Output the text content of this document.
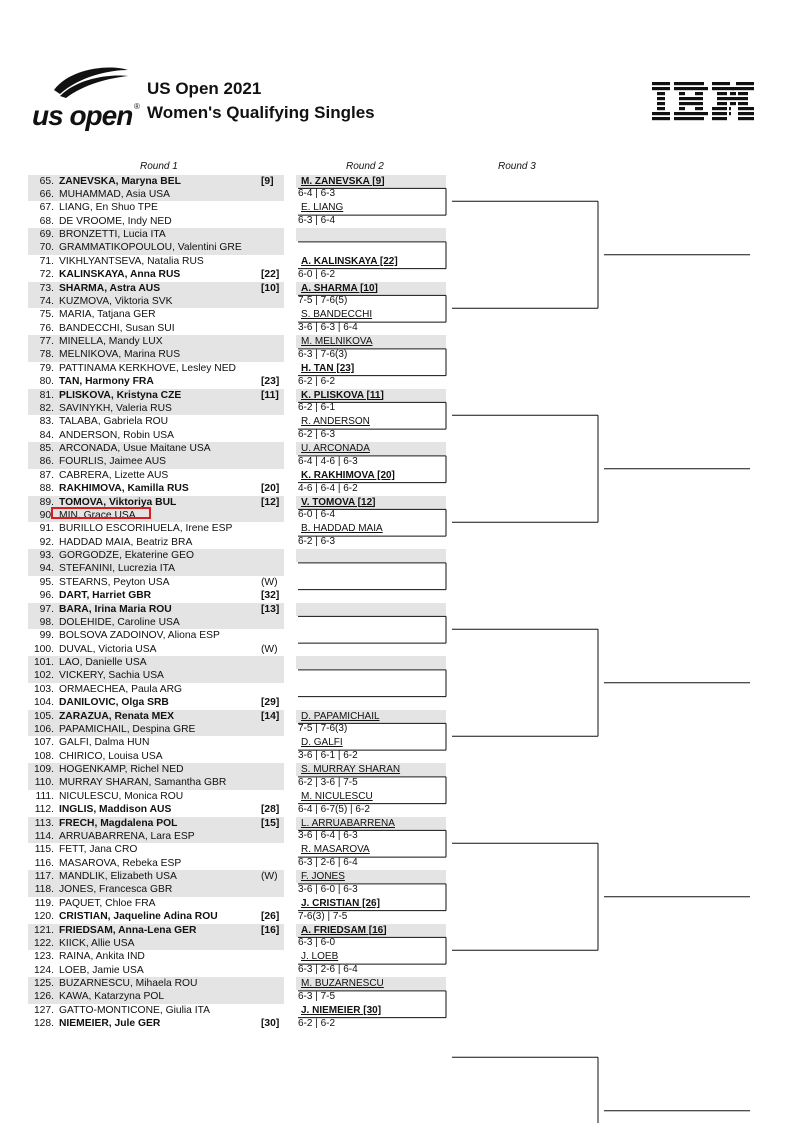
us open ®
US Open 2021
Women's Qualifying Singles
Round 1	Round 2	Round 3
65. ZANEVSKA, Maryna BEL	[9]
66. MUHAMMAD, Asia USA
67. LIANG, En Shuo TPE
68. DE VROOME, Indy NED
69. BRONZETTI, Lucia ITA
70. GRAMMATIKOPOULOU, Valentini GRE
71. VIKHLYANTSEVA, Natalia RUS
72. KALINSKAYA, Anna RUS	[22]
73. SHARMA, Astra AUS	[10]
74. KUZMOVA, Viktoria SVK
75. MARIA, Tatjana GER
76. BANDECCHI, Susan SUI
77. MINELLA, Mandy LUX
78. MELNIKOVA, Marina RUS
79. PATTINAMA KERKHOVE, Lesley NED
80. TAN, Harmony FRA	[23]
81. PLISKOVA, Kristyna CZE	[11]
82. SAVINYKH, Valeria RUS
83. TALABA, Gabriela ROU
84. ANDERSON, Robin USA
85. ARCONADA, Usue Maitane USA
86. FOURLIS, Jaimee AUS
87. CABRERA, Lizette AUS
88. RAKHIMOVA, Kamilla RUS	[20]
89. TOMOVA, Viktoriya BUL	[12]
90. MIN, Grace USA
91. BURILLO ESCORIHUELA, Irene ESP
92. HADDAD MAIA, Beatriz BRA
93. GORGODZE, Ekaterine GEO
94. STEFANINI, Lucrezia ITA
95. STEARNS, Peyton USA	(W)
96. DART, Harriet GBR	[32]
97. BARA, Irina Maria ROU	[13]
98. DOLEHIDE, Caroline USA
99. BOLSOVA ZADOINOV, Aliona ESP
100. DUVAL, Victoria USA	(W)
101. LAO, Danielle USA
102. VICKERY, Sachia USA
103. ORMAECHEA, Paula ARG
104. DANILOVIC, Olga SRB	[29]
105. ZARAZUA, Renata MEX	[14]
106. PAPAMICHAIL, Despina GRE
107. GALFI, Dalma HUN
108. CHIRICO, Louisa USA
109. HOGENKAMP, Richel NED
110. MURRAY SHARAN, Samantha GBR
111. NICULESCU, Monica ROU
112. INGLIS, Maddison AUS	[28]
113. FRECH, Magdalena POL	[15]
114. ARRUABARRENA, Lara ESP
115. FETT, Jana CRO
116. MASAROVA, Rebeka ESP
117. MANDLIK, Elizabeth USA	(W)
118. JONES, Francesca GBR
119. PAQUET, Chloe FRA
120. CRISTIAN, Jaqueline Adina ROU	[26]
121. FRIEDSAM, Anna-Lena GER	[16]
122. KIICK, Allie USA
123. RAINA, Ankita IND
124. LOEB, Jamie USA
125. BUZARNESCU, Mihaela ROU
126. KAWA, Katarzyna POL
127. GATTO-MONTICONE, Giulia ITA
128. NIEMEIER, Jule GER	[30]
M. ZANEVSKA [9]
6-4 | 6-3
E. LIANG
6-3 | 6-4
A. KALINSKAYA [22]
6-0 | 6-2
A. SHARMA [10]
7-5 | 7-6(5)
S. BANDECCHI
3-6 | 6-3 | 6-4
M. MELNIKOVA
6-3 | 7-6(3)
H. TAN [23]
6-2 | 6-2
K. PLISKOVA [11]
6-2 | 6-1
R. ANDERSON
6-2 | 6-3
U. ARCONADA
6-4 | 4-6 | 6-3
K. RAKHIMOVA [20]
4-6 | 6-4 | 6-2
V. TOMOVA [12]
6-0 | 6-4
B. HADDAD MAIA
6-2 | 6-3
D. PAPAMICHAIL
7-5 | 7-6(3)
D. GALFI
3-6 | 6-1 | 6-2
S. MURRAY SHARAN
6-2 | 3-6 | 7-5
M. NICULESCU
6-4 | 6-7(5) | 6-2
L. ARRUABARRENA
3-6 | 6-4 | 6-3
R. MASAROVA
6-3 | 2-6 | 6-4
F. JONES
3-6 | 6-0 | 6-3
J. CRISTIAN [26]
7-6(3) | 7-5
A. FRIEDSAM [16]
6-3 | 6-0
J. LOEB
6-3 | 2-6 | 6-4
M. BUZARNESCU
6-3 | 7-5
J. NIEMEIER [30]
6-2 | 6-2
